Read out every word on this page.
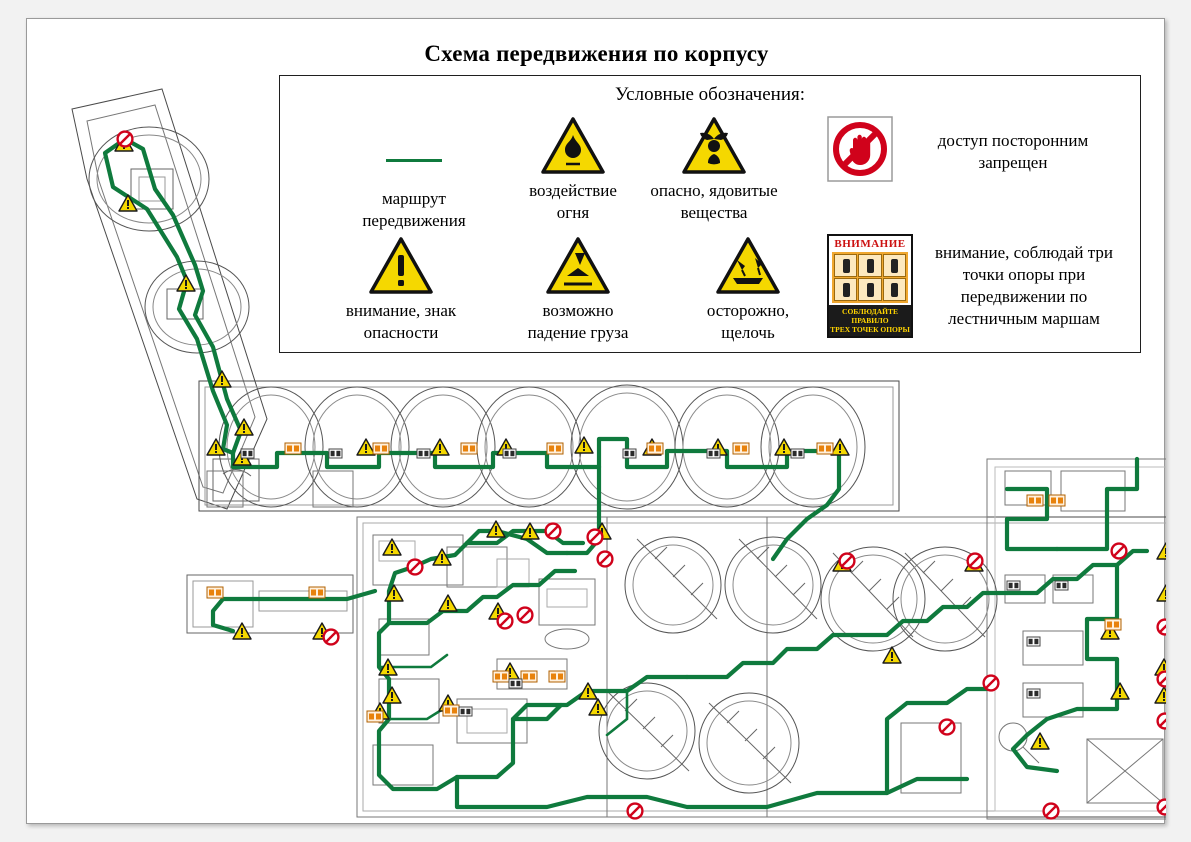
Схема передвижения по корпусу
Условные обозначения:
маршрут
передвижения
воздействие
огня
опасно, ядовитые
вещества
доступ посторонним
запрещен
внимание, знак
опасности
возможно
падение груза
осторожно,
щелочь
ВНИМАНИЕ
СОБЛЮДАЙТЕ ПРАВИЛО
ТРЕХ ТОЧЕК ОПОРЫ
внимание, соблюдай три
точки опоры при
передвижении по
лестничным маршам
